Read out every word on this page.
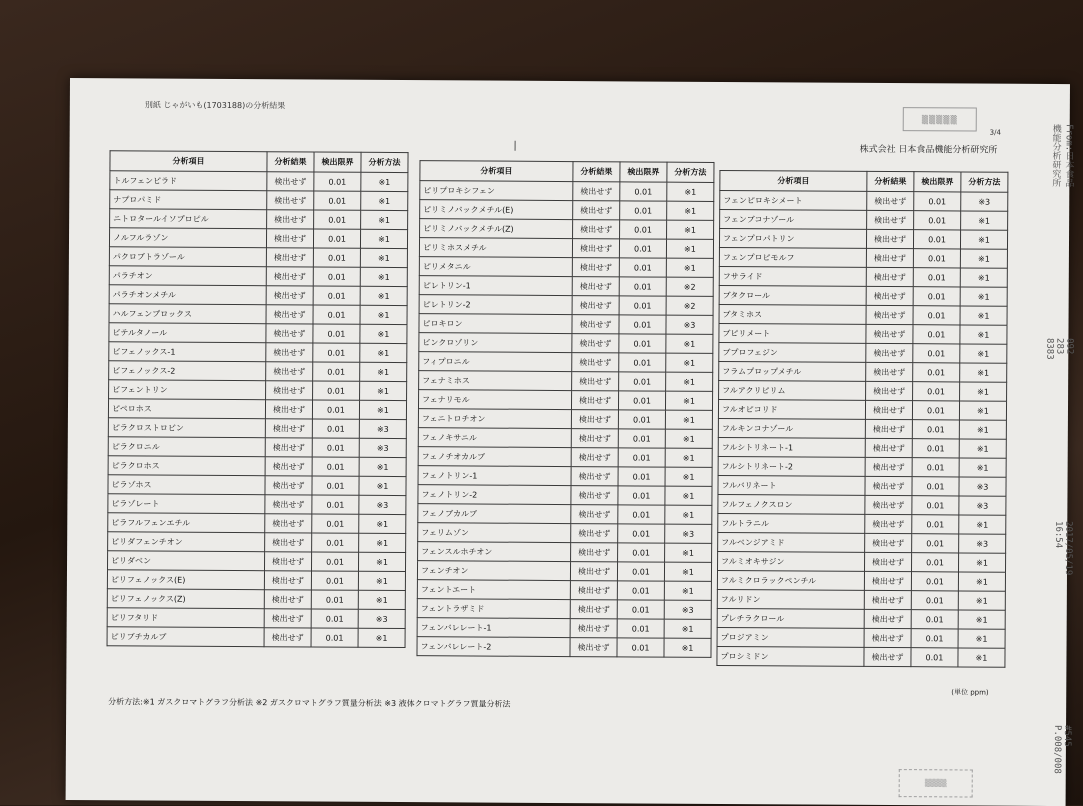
別紙 じゃがいも(1703188)の分析結果
▒▒▒▒▒
3/4
株式会社 日本食品機能分析研究所	From:日本食品機能分析研究所
092 283 8383
2017/05/19 16:54
#545 P.008/008
分析項目	分析結果	検出限界	分析方法
トルフェンピラド	検出せず	0.01	※1
ナプロパミド	検出せず	0.01	※1
ニトロタールイソプロピル	検出せず	0.01	※1
ノルフルラゾン	検出せず	0.01	※1
パクロブトラゾール	検出せず	0.01	※1
パラチオン	検出せず	0.01	※1
パラチオンメチル	検出せず	0.01	※1
ハルフェンプロックス	検出せず	0.01	※1
ビテルタノール	検出せず	0.01	※1
ビフェノックス-1	検出せず	0.01	※1
ビフェノックス-2	検出せず	0.01	※1
ビフェントリン	検出せず	0.01	※1
ピペロホス	検出せず	0.01	※1
ピラクロストロビン	検出せず	0.01	※3
ピラクロニル	検出せず	0.01	※3
ピラクロホス	検出せず	0.01	※1
ピラゾホス	検出せず	0.01	※1
ピラゾレート	検出せず	0.01	※3
ピラフルフェンエチル	検出せず	0.01	※1
ピリダフェンチオン	検出せず	0.01	※1
ピリダベン	検出せず	0.01	※1
ピリフェノックス(E)	検出せず	0.01	※1
ピリフェノックス(Z)	検出せず	0.01	※1
ピリフタリド	検出せず	0.01	※3
ピリブチカルブ	検出せず	0.01	※1
分析項目	分析結果	検出限界	分析方法
ピリプロキシフェン	検出せず	0.01	※1
ピリミノバックメチル(E)	検出せず	0.01	※1
ピリミノバックメチル(Z)	検出せず	0.01	※1
ピリミホスメチル	検出せず	0.01	※1
ピリメタニル	検出せず	0.01	※1
ピレトリン-1	検出せず	0.01	※2
ピレトリン-2	検出せず	0.01	※2
ピロキロン	検出せず	0.01	※3
ビンクロゾリン	検出せず	0.01	※1
フィプロニル	検出せず	0.01	※1
フェナミホス	検出せず	0.01	※1
フェナリモル	検出せず	0.01	※1
フェニトロチオン	検出せず	0.01	※1
フェノキサニル	検出せず	0.01	※1
フェノチオカルブ	検出せず	0.01	※1
フェノトリン-1	検出せず	0.01	※1
フェノトリン-2	検出せず	0.01	※1
フェノブカルブ	検出せず	0.01	※1
フェリムゾン	検出せず	0.01	※3
フェンスルホチオン	検出せず	0.01	※1
フェンチオン	検出せず	0.01	※1
フェントエート	検出せず	0.01	※1
フェントラザミド	検出せず	0.01	※3
フェンバレレート-1	検出せず	0.01	※1
フェンバレレート-2	検出せず	0.01	※1
分析項目	分析結果	検出限界	分析方法
フェンピロキシメート	検出せず	0.01	※3
フェンブコナゾール	検出せず	0.01	※1
フェンプロパトリン	検出せず	0.01	※1
フェンプロピモルフ	検出せず	0.01	※1
フサライド	検出せず	0.01	※1
ブタクロール	検出せず	0.01	※1
ブタミホス	検出せず	0.01	※1
ブピリメート	検出せず	0.01	※1
ブプロフェジン	検出せず	0.01	※1
フラムプロップメチル	検出せず	0.01	※1
フルアクリピリム	検出せず	0.01	※1
フルオピコリド	検出せず	0.01	※1
フルキンコナゾール	検出せず	0.01	※1
フルシトリネート-1	検出せず	0.01	※1
フルシトリネート-2	検出せず	0.01	※1
フルバリネート	検出せず	0.01	※3
フルフェノクスロン	検出せず	0.01	※3
フルトラニル	検出せず	0.01	※1
フルベンジアミド	検出せず	0.01	※3
フルミオキサジン	検出せず	0.01	※1
フルミクロラックペンチル	検出せず	0.01	※1
フルリドン	検出せず	0.01	※1
プレチラクロール	検出せず	0.01	※1
プロジアミン	検出せず	0.01	※1
プロシミドン	検出せず	0.01	※1
(単位 ppm)
分析方法:※1 ガスクロマトグラフ分析法 ※2 ガスクロマトグラフ質量分析法 ※3 液体クロマトグラフ質量分析法
▒▒▒▒
